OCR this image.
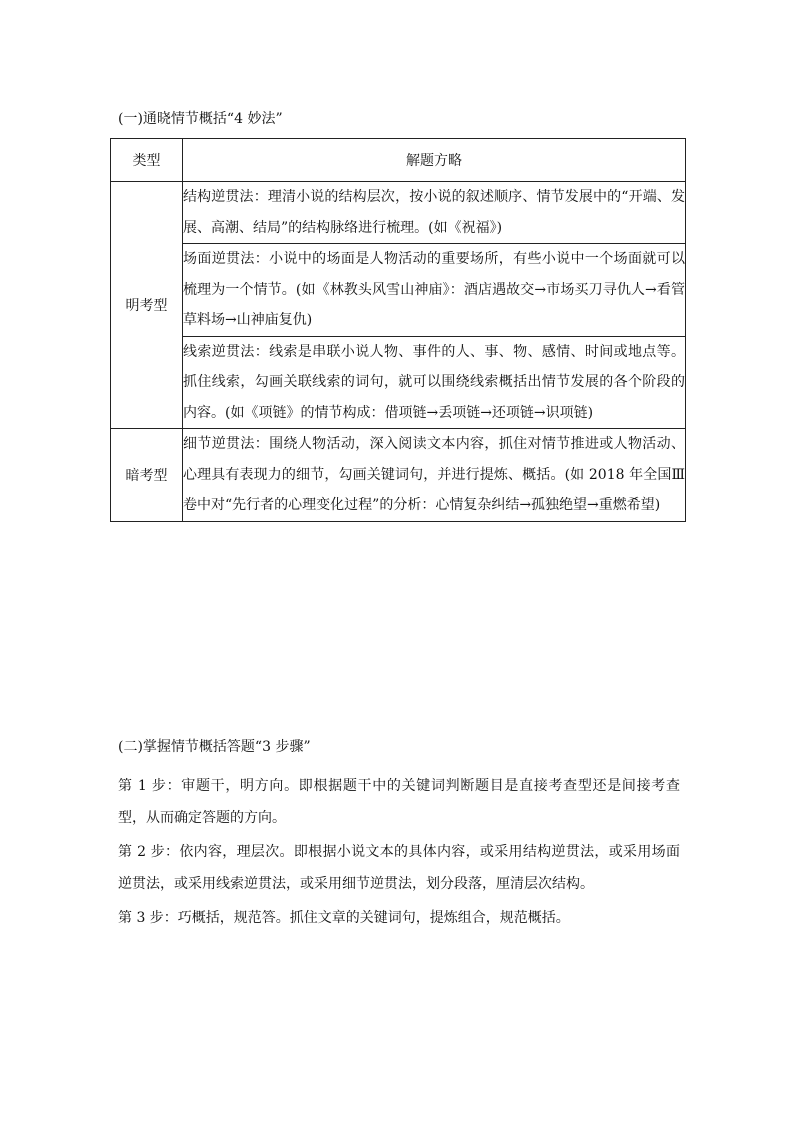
(一)通晓情节概括“4 妙法”
类型	解题方略
明考型	结构逆贯法：理清小说的结构层次，按小说的叙述顺序、情节发展中的“开端、发展、高潮、结局”的结构脉络进行梳理。(如《祝福》)
	场面逆贯法：小说中的场面是人物活动的重要场所，有些小说中一个场面就可以梳理为一个情节。(如《林教头风雪山神庙》：酒店遇故交→市场买刀寻仇人→看管草料场→山神庙复仇)
	线索逆贯法：线索是串联小说人物、事件的人、事、物、感情、时间或地点等。抓住线索，勾画关联线索的词句，就可以围绕线索概括出情节发展的各个阶段的内容。(如《项链》的情节构成：借项链→丢项链→还项链→识项链)
暗考型	细节逆贯法：围绕人物活动，深入阅读文本内容，抓住对情节推进或人物活动、心理具有表现力的细节，勾画关键词句，并进行提炼、概括。(如 2018 年全国Ⅲ卷中对“先行者的心理变化过程”的分析：心情复杂纠结→孤独绝望→重燃希望)

(二)掌握情节概括答题“3 步骤”

第 1 步：审题干，明方向。即根据题干中的关键词判断题目是直接考查型还是间接考查型，从而确定答题的方向。

第 2 步：依内容，理层次。即根据小说文本的具体内容，或采用结构逆贯法，或采用场面逆贯法，或采用线索逆贯法，或采用细节逆贯法，划分段落，厘清层次结构。

第 3 步：巧概括，规范答。抓住文章的关键词句，提炼组合，规范概括。
